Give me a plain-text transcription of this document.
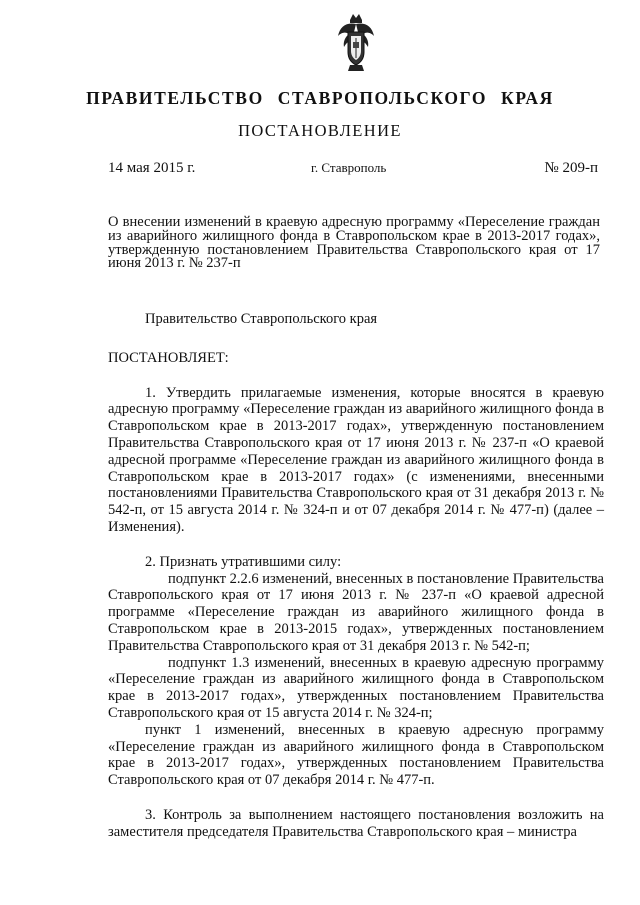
ПРАВИТЕЛЬСТВО СТАВРОПОЛЬСКОГО КРАЯ
ПОСТАНОВЛЕНИЕ
14 мая 2015 г.	г. Ставрополь	№ 209-п
О внесении изменений в краевую адресную программу «Переселение граждан из аварийного жилищного фонда в Ставропольском крае в 2013-2017 годах», утвержденную постановлением Правительства Ставропольского края от 17 июня 2013 г. № 237-п

Правительство Ставропольского края

ПОСТАНОВЛЯЕТ:

1. Утвердить прилагаемые изменения, которые вносятся в краевую адресную программу «Переселение граждан из аварийного жилищного фонда в Ставропольском крае в 2013-2017 годах», утвержденную постановлением Правительства Ставропольского края от 17 июня 2013 г. № 237-п «О краевой адресной программе «Переселение граждан из аварийного жилищного фонда в Ставропольском крае в 2013-2017 годах» (с изменениями, внесенными постановлениями Правительства Ставропольского края от 31 декабря 2013 г. № 542-п, от 15 августа 2014 г. № 324-п и от 07 декабря 2014 г. № 477-п) (далее – Изменения).

2. Признать утратившими силу:

подпункт 2.2.6 изменений, внесенных в постановление Правительства Ставропольского края от 17 июня 2013 г. № 237-п «О краевой адресной программе «Переселение граждан из аварийного жилищного фонда в Ставропольском крае в 2013-2015 годах», утвержденных постановлением Правительства Ставропольского края от 31 декабря 2013 г. № 542-п;

подпункт 1.3 изменений, внесенных в краевую адресную программу «Переселение граждан из аварийного жилищного фонда в Ставропольском крае в 2013-2017 годах», утвержденных постановлением Правительства Ставропольского края от 15 августа 2014 г. № 324-п;

пункт 1 изменений, внесенных в краевую адресную программу «Переселение граждан из аварийного жилищного фонда в Ставропольском крае в 2013-2017 годах», утвержденных постановлением Правительства Ставропольского края от 07 декабря 2014 г. № 477-п.

3. Контроль за выполнением настоящего постановления возложить на заместителя председателя Правительства Ставропольского края – министра
